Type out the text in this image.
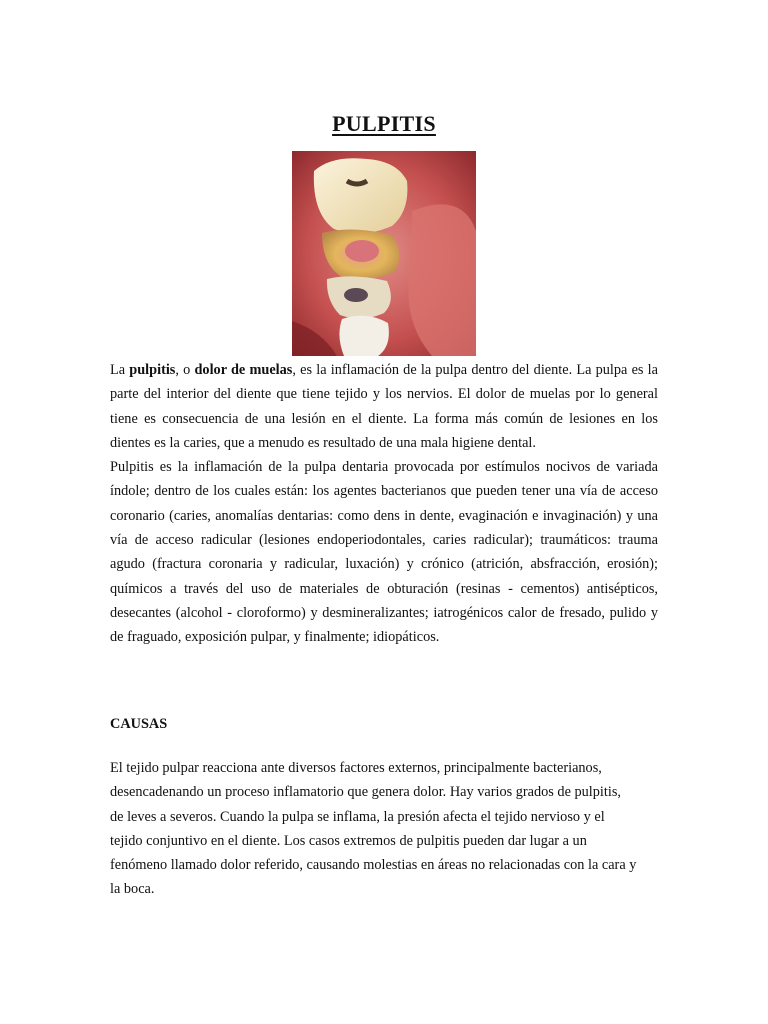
PULPITIS

La pulpitis, o dolor de muelas, es la inflamación de la pulpa dentro del diente. La pulpa es la parte del interior del diente que tiene tejido y los nervios. El dolor de muelas por lo general tiene es consecuencia de una lesión en el diente. La forma más común de lesiones en los dientes es la caries, que a menudo es resultado de una mala higiene dental.

Pulpitis es la inflamación de la pulpa dentaria provocada por estímulos nocivos de variada índole; dentro de los cuales están: los agentes bacterianos que pueden tener una vía de acceso coronario (caries, anomalías dentarias: como dens in dente, evaginación e invaginación) y una vía de acceso radicular (lesiones endoperiodontales, caries radicular); traumáticos: trauma agudo (fractura coronaria y radicular, luxación) y crónico (atrición, absfracción, erosión); químicos a través del uso de materiales de obturación (resinas - cementos) antisépticos, desecantes (alcohol - cloroformo) y desmineralizantes; iatrogénicos calor de fresado, pulido y de fraguado, exposición pulpar, y finalmente; idiopáticos.

CAUSAS

El tejido pulpar reacciona ante diversos factores externos, principalmente bacterianos,
desencadenando un proceso inflamatorio que genera dolor. Hay varios grados de pulpitis,
de leves a severos. Cuando la pulpa se inflama, la presión afecta el tejido nervioso y el
tejido conjuntivo en el diente. Los casos extremos de pulpitis pueden dar lugar a un
fenómeno llamado dolor referido, causando molestias en áreas no relacionadas con la cara y
la boca.
